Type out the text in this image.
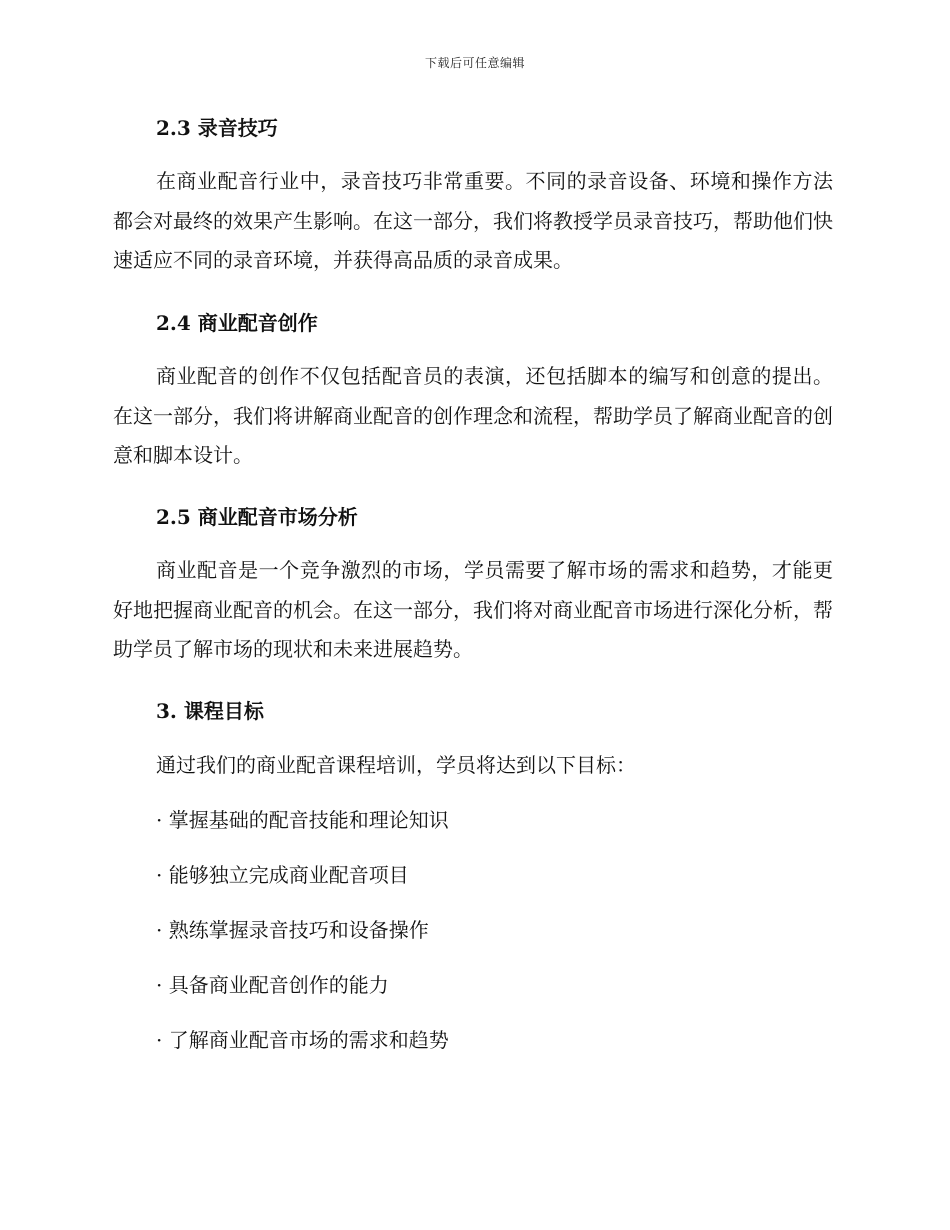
下载后可任意编辑
2.3 录音技巧

在商业配音行业中，录音技巧非常重要。不同的录音设备、环境和操作方法都会对最终的效果产生影响。在这一部分，我们将教授学员录音技巧，帮助他们快速适应不同的录音环境，并获得高品质的录音成果。

2.4 商业配音创作

商业配音的创作不仅包括配音员的表演，还包括脚本的编写和创意的提出。在这一部分，我们将讲解商业配音的创作理念和流程，帮助学员了解商业配音的创意和脚本设计。

2.5 商业配音市场分析

商业配音是一个竞争激烈的市场，学员需要了解市场的需求和趋势，才能更好地把握商业配音的机会。在这一部分，我们将对商业配音市场进行深化分析，帮助学员了解市场的现状和未来进展趋势。

3. 课程目标
通过我们的商业配音课程培训，学员将达到以下目标：
· 掌握基础的配音技能和理论知识
· 能够独立完成商业配音项目
· 熟练掌握录音技巧和设备操作
· 具备商业配音创作的能力
· 了解商业配音市场的需求和趋势
